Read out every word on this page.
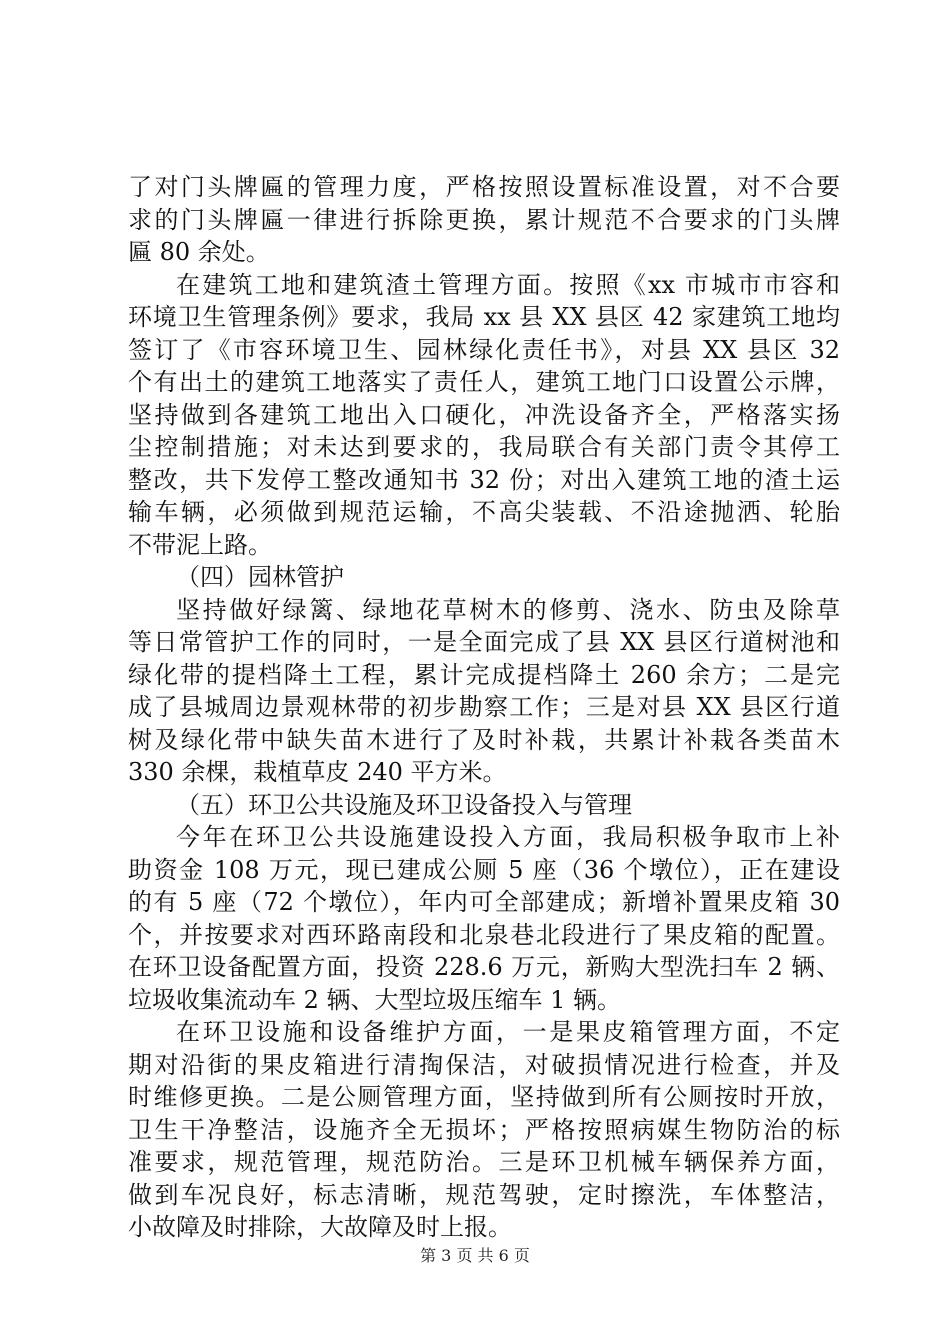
了对门头牌匾的管理力度，严格按照设置标准设置，对不合要
求的门头牌匾一律进行拆除更换，累计规范不合要求的门头牌
匾 80 余处。
在建筑工地和建筑渣土管理方面。按照《xx 市城市市容和
环境卫生管理条例》要求，我局 xx 县 XX 县区 42 家建筑工地均
签订了《市容环境卫生、园林绿化责任书》，对县 XX 县区 32
个有出土的建筑工地落实了责任人，建筑工地门口设置公示牌，
坚持做到各建筑工地出入口硬化，冲洗设备齐全，严格落实扬
尘控制措施；对未达到要求的，我局联合有关部门责令其停工
整改，共下发停工整改通知书 32 份；对出入建筑工地的渣土运
输车辆，必须做到规范运输，不高尖装载、不沿途抛洒、轮胎
不带泥上路。
（四）园林管护
坚持做好绿篱、绿地花草树木的修剪、浇水、防虫及除草
等日常管护工作的同时，一是全面完成了县 XX 县区行道树池和
绿化带的提档降土工程，累计完成提档降土 260 余方；二是完
成了县城周边景观林带的初步勘察工作；三是对县 XX 县区行道
树及绿化带中缺失苗木进行了及时补栽，共累计补栽各类苗木
330 余棵，栽植草皮 240 平方米。
（五）环卫公共设施及环卫设备投入与管理
今年在环卫公共设施建设投入方面，我局积极争取市上补
助资金 108 万元，现已建成公厕 5 座（36 个墩位），正在建设
的有 5 座（72 个墩位），年内可全部建成；新增补置果皮箱 30
个，并按要求对西环路南段和北泉巷北段进行了果皮箱的配置。
在环卫设备配置方面，投资 228.6 万元，新购大型洗扫车 2 辆、
垃圾收集流动车 2 辆、大型垃圾压缩车 1 辆。
在环卫设施和设备维护方面，一是果皮箱管理方面，不定
期对沿街的果皮箱进行清掏保洁，对破损情况进行检查，并及
时维修更换。二是公厕管理方面，坚持做到所有公厕按时开放，
卫生干净整洁，设施齐全无损坏；严格按照病媒生物防治的标
准要求，规范管理，规范防治。三是环卫机械车辆保养方面，
做到车况良好，标志清晰，规范驾驶，定时擦洗，车体整洁，
小故障及时排除，大故障及时上报。
第 3 页 共 6 页
